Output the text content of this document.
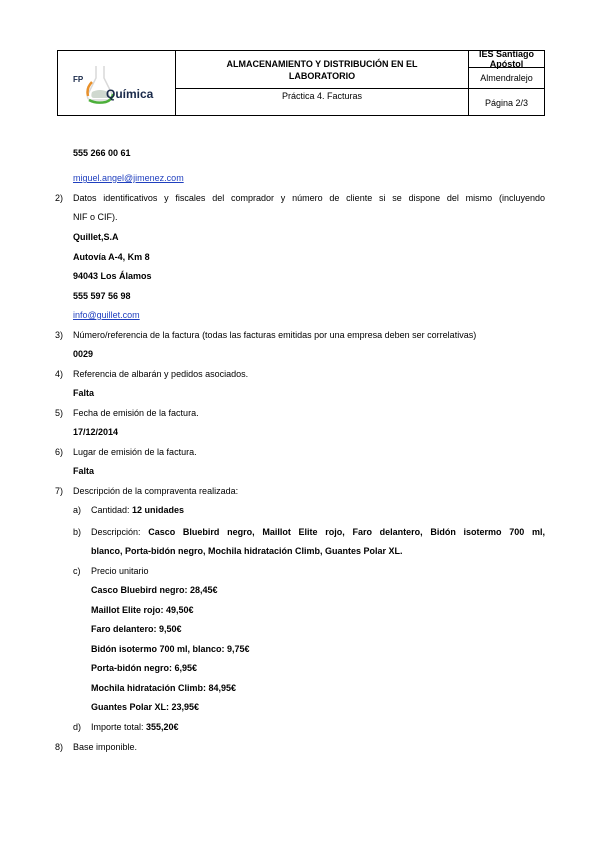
FP
Química
ALMACENAMIENTO Y DISTRIBUCIÓN EN EL LABORATORIO
Práctica 4. Facturas
IES Santiago Apóstol
Almendralejo
Página 2/3
555 266 00 61
miguel.angel@jimenez.com
2) Datos identificativos y fiscales del comprador y número de cliente si se dispone del mismo (incluyendo
NIF o CIF).
Quillet,S.A
Autovía A-4, Km 8
94043 Los Álamos
555 597 56 98
info@guillet.com
3) Número/referencia de la factura (todas las facturas emitidas por una empresa deben ser correlativas)
0029
4) Referencia de albarán y pedidos asociados.
Falta
5) Fecha de emisión de la factura.
17/12/2014
6) Lugar de emisión de la factura.
Falta
7) Descripción de la compraventa realizada:
a) Cantidad: 12 unidades
b) Descripción: Casco Bluebird negro, Maillot Elite rojo, Faro delantero, Bidón isotermo 700 ml,
blanco, Porta-bidón negro, Mochila hidratación Climb, Guantes Polar XL.
c) Precio unitario
Casco Bluebird negro: 28,45€
Maillot Elite rojo: 49,50€
Faro delantero: 9,50€
Bidón isotermo 700 ml, blanco: 9,75€
Porta-bidón negro: 6,95€
Mochila hidratación Climb: 84,95€
Guantes Polar XL: 23,95€
d) Importe total: 355,20€
8) Base imponible.
